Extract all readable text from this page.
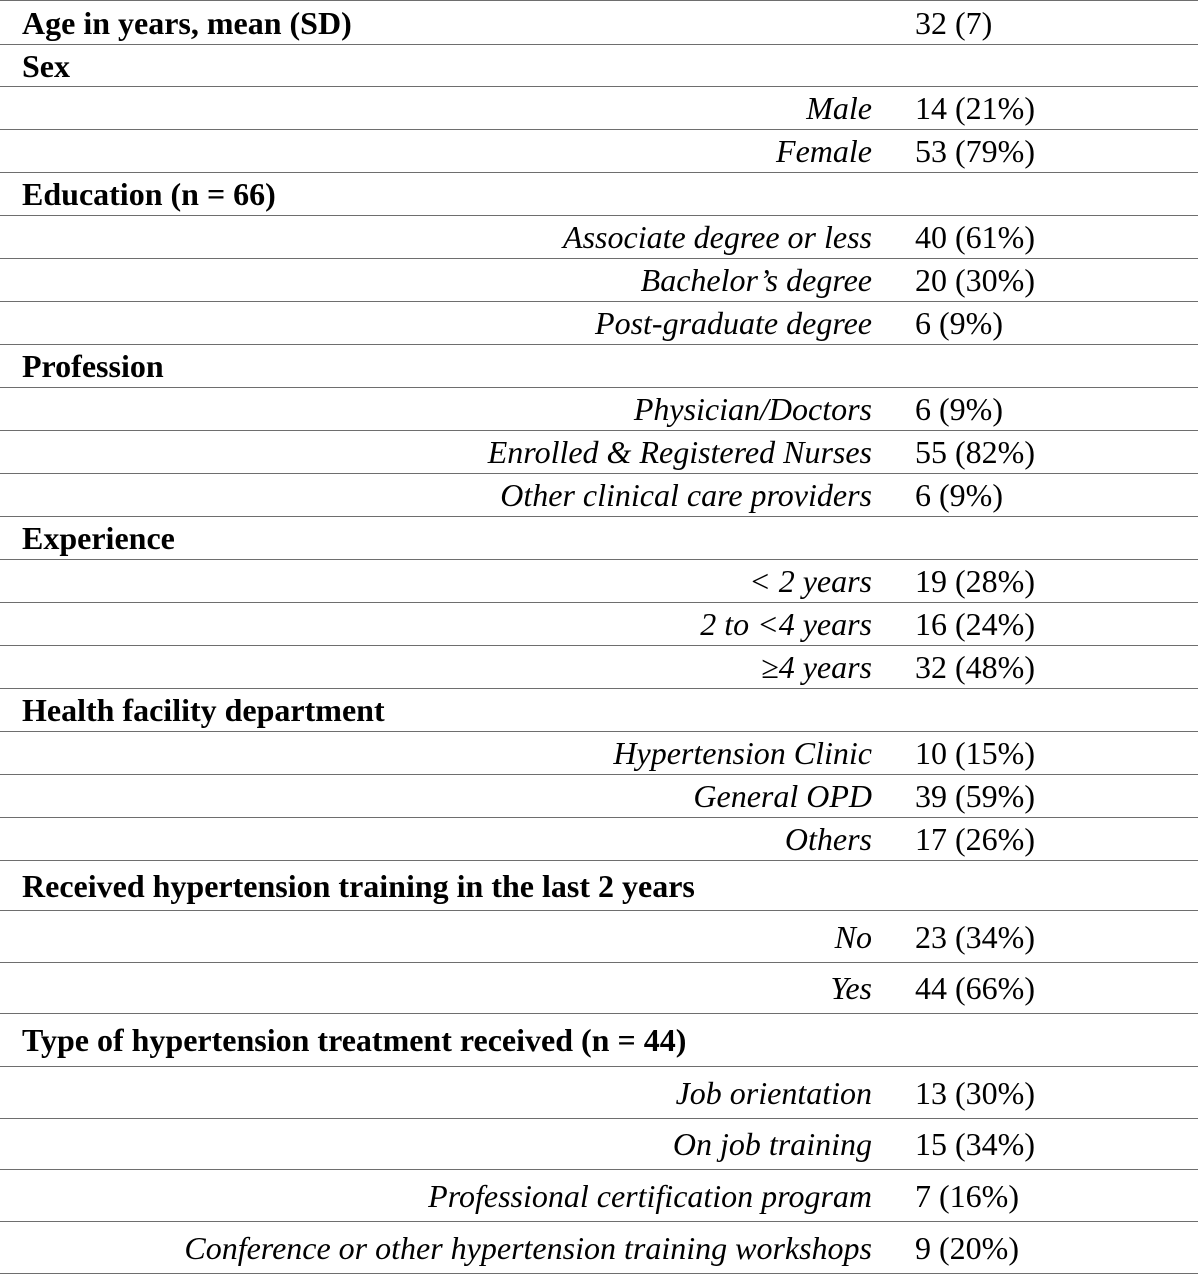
Age in years, mean (SD)	32 (7)
Sex
Male 14 (21%)
Female 53 (79%)
Education (n = 66)
Associate degree or less 40 (61%)
Bachelor’s degree 20 (30%)
Post-graduate degree 6 (9%)
Profession
Physician/Doctors 6 (9%)
Enrolled & Registered Nurses 55 (82%)
Other clinical care providers 6 (9%)
Experience
< 2 years 19 (28%)
2 to <4 years 16 (24%)
≥4 years 32 (48%)
Health facility department
Hypertension Clinic 10 (15%)
General OPD 39 (59%)
Others 17 (26%)
Received hypertension training in the last 2 years
No 23 (34%)
Yes 44 (66%)
Type of hypertension treatment received (n = 44)
Job orientation 13 (30%)
On job training 15 (34%)
Professional certification program 7 (16%)
Conference or other hypertension training workshops 9 (20%)
